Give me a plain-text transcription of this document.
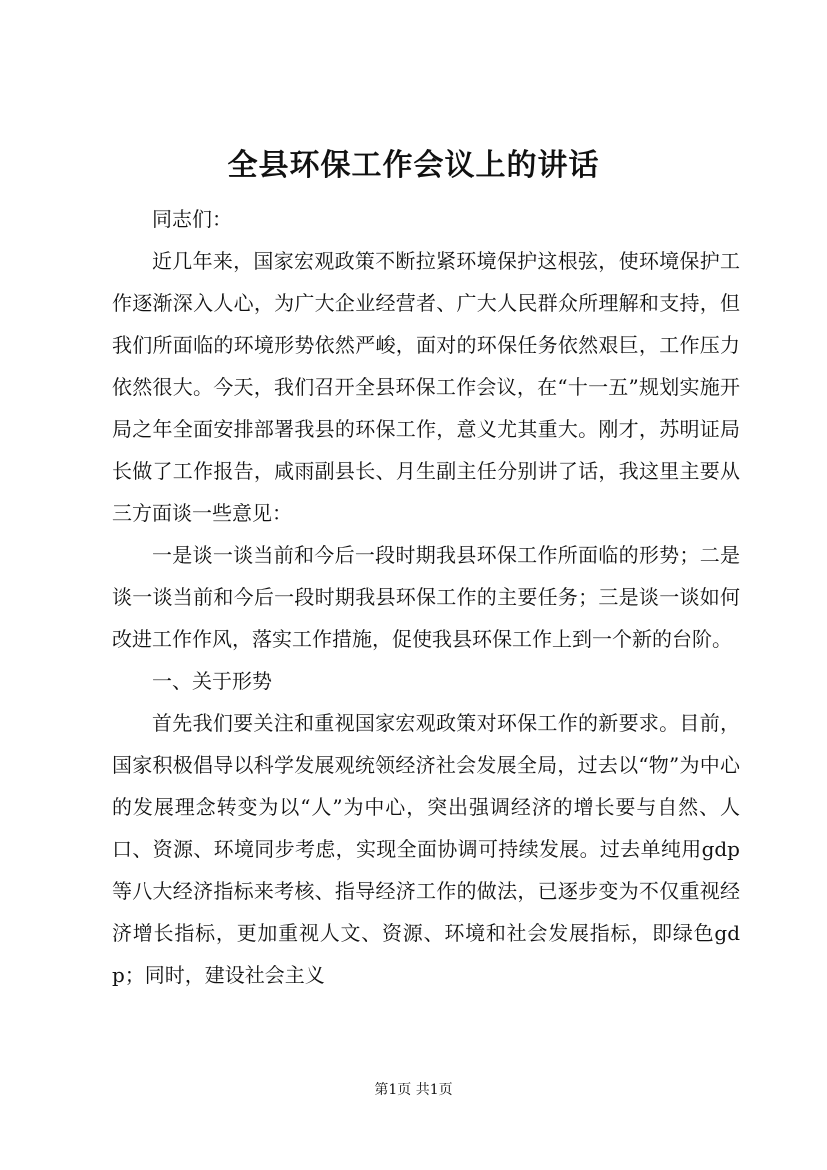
全县环保工作会议上的讲话

同志们：

近几年来，国家宏观政策不断拉紧环境保护这根弦，使环境保护工作逐渐深入人心，为广大企业经营者、广大人民群众所理解和支持，但我们所面临的环境形势依然严峻，面对的环保任务依然艰巨，工作压力依然很大。今天，我们召开全县环保工作会议，在“十一五”规划实施开局之年全面安排部署我县的环保工作，意义尤其重大。刚才，苏明证局长做了工作报告，咸雨副县长、月生副主任分别讲了话，我这里主要从三方面谈一些意见：

一是谈一谈当前和今后一段时期我县环保工作所面临的形势；二是谈一谈当前和今后一段时期我县环保工作的主要任务；三是谈一谈如何改进工作作风，落实工作措施，促使我县环保工作上到一个新的台阶。

一、关于形势

首先我们要关注和重视国家宏观政策对环保工作的新要求。目前，国家积极倡导以科学发展观统领经济社会发展全局，过去以“物”为中心的发展理念转变为以“人”为中心，突出强调经济的增长要与自然、人口、资源、环境同步考虑，实现全面协调可持续发展。过去单纯用gdp等八大经济指标来考核、指导经济工作的做法，已逐步变为不仅重视经济增长指标，更加重视人文、资源、环境和社会发展指标，即绿色gdp；同时，建设社会主义

第1页 共1页
